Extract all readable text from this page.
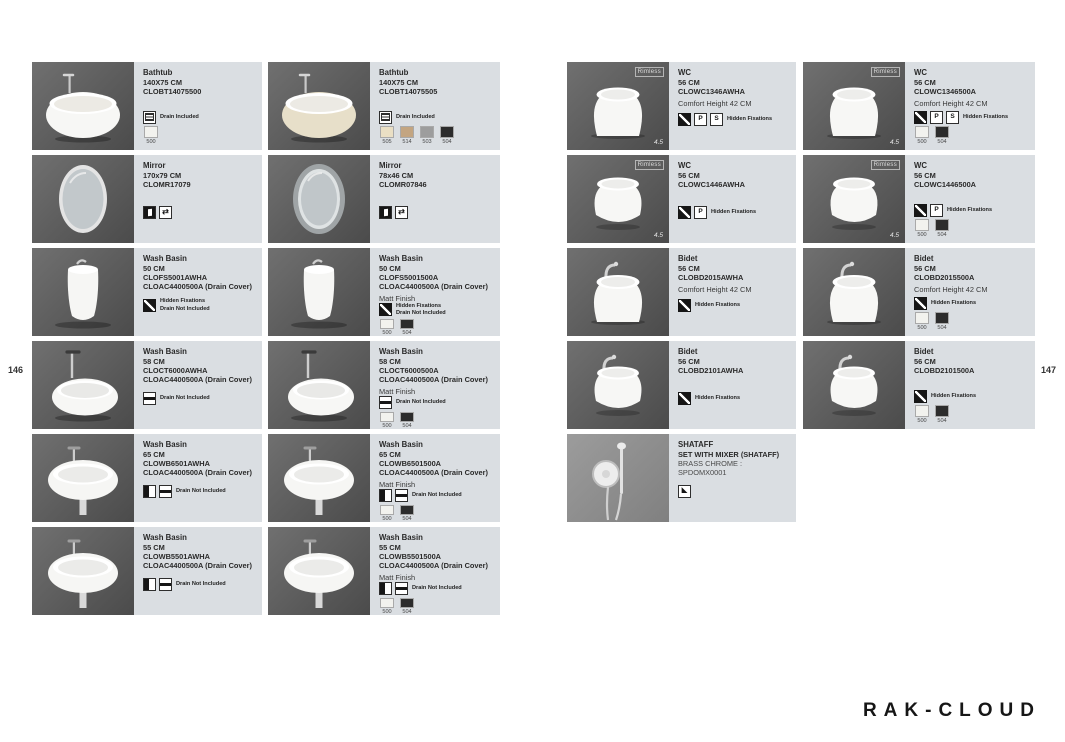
146	147
RAK-CLOUD
Bathtub
140X75 CM
CLOBT14075500
Drain Included
500
Mirror
170x79 CM
CLOMR17079
⇄
Wash Basin
50 CM
CLOFS5001AWHA
CLOAC4400500A (Drain Cover)
Hidden Fixations
Drain Not Included
Wash Basin
58 CM
CLOCT6000AWHA
CLOAC4400500A (Drain Cover)
Drain Not Included
Wash Basin
65 CM
CLOWB6501AWHA
CLOAC4400500A (Drain Cover)
Drain Not Included
Wash Basin
55 CM
CLOWB5501AWHA
CLOAC4400500A (Drain Cover)
Drain Not Included
Bathtub
140X75 CM
CLOBT14075505
Drain Included
505 514 503 504
Mirror
78x46 CM
CLOMR07846
⇄
Wash Basin
50 CM
CLOFS5001500A
CLOAC4400500A (Drain Cover)
Matt Finish
Hidden Fixations
Drain Not Included
500 504
Wash Basin
58 CM
CLOCT6000500A
CLOAC4400500A (Drain Cover)
Matt Finish
Drain Not Included
500 504
Wash Basin
65 CM
CLOWB6501500A
CLOAC4400500A (Drain Cover)
Matt Finish
Drain Not Included
500 504
Wash Basin
55 CM
CLOWB5501500A
CLOAC4400500A (Drain Cover)
Matt Finish
Drain Not Included
500 504
Rimless
4.5
WC
56 CM
CLOWC1346AWHA
Comfort Height 42 CM
P
S
Hidden Fixations
Rimless
4.5
WC
56 CM
CLOWC1446AWHA
P
Hidden Fixations
Bidet
56 CM
CLOBD2015AWHA
Comfort Height 42 CM
Hidden Fixations
Bidet
56 CM
CLOBD2101AWHA
Hidden Fixations
SHATAFF
SET WITH MIXER (SHATAFF)
BRASS CHROME :
SPDOMX0001
◣
Rimless
4.5
WC
56 CM
CLOWC1346500A
Comfort Height 42 CM
P
S
Hidden Fixations
500 504
Rimless
4.5
WC
56 CM
CLOWC1446500A
P
Hidden Fixations
500 504
Bidet
56 CM
CLOBD2015500A
Comfort Height 42 CM
Hidden Fixations
500 504
Bidet
56 CM
CLOBD2101500A
Hidden Fixations
500 504
